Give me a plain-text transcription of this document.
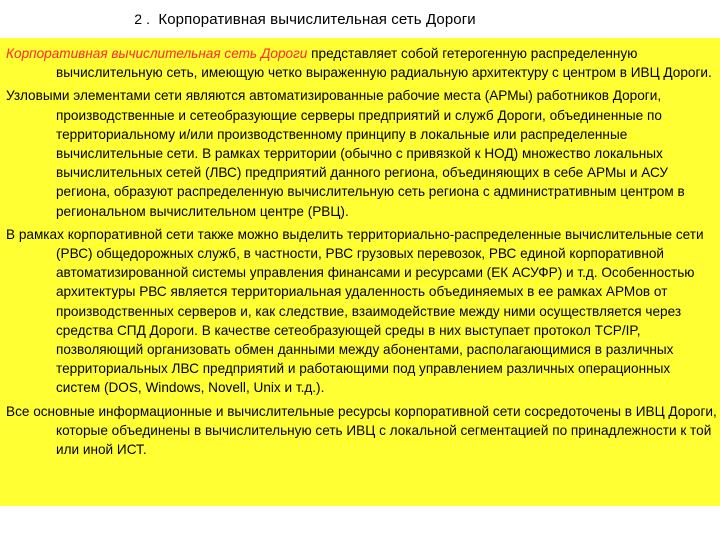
2 . Корпоративная вычислительная сеть Дороги

Корпоративная вычислительная сеть Дороги представляет собой гетерогенную распределенную вычислительную сеть, имеющую четко выраженную радиальную архитектуру с центром в ИВЦ Дороги.

Узловыми элементами сети являются автоматизированные рабочие места (АРМы) работников Дороги, производственные и сетеобразующие серверы предприятий и служб Дороги, объединенные по территориальному и/или производственному принципу в локальные или распределенные вычислительные сети. В рамках территории (обычно с привязкой к НОД) множество локальных вычислительных сетей (ЛВС) предприятий данного региона, объединяющих в себе АРМы и АСУ региона, образуют распределенную вычислительную сеть региона с административным центром в региональном вычислительном центре (РВЦ).

В рамках корпоративной сети также можно выделить территориально-распределенные вычислительные сети (РВС) общедорожных служб, в частности, РВС грузовых перевозок, РВС единой корпоративной автоматизированной системы управления финансами и ресурсами (ЕК АСУФР) и т.д. Особенностью архитектуры РВС является территориальная удаленность объединяемых в ее рамках АРМов от производственных серверов и, как следствие, взаимодействие между ними осуществляется через средства СПД Дороги. В качестве сетеобразующей среды в них выступает протокол TCP/IP, позволяющий организовать обмен данными между абонентами, располагающимися в различных территориальных ЛВС предприятий и работающими под управлением различных операционных систем (DOS, Windows, Novell, Unix и т.д.).

Все основные информационные и вычислительные ресурсы корпоративной сети сосредоточены в ИВЦ Дороги, которые объединены в вычислительную сеть ИВЦ с локальной сегментацией по принадлежности к той или иной ИСТ.
